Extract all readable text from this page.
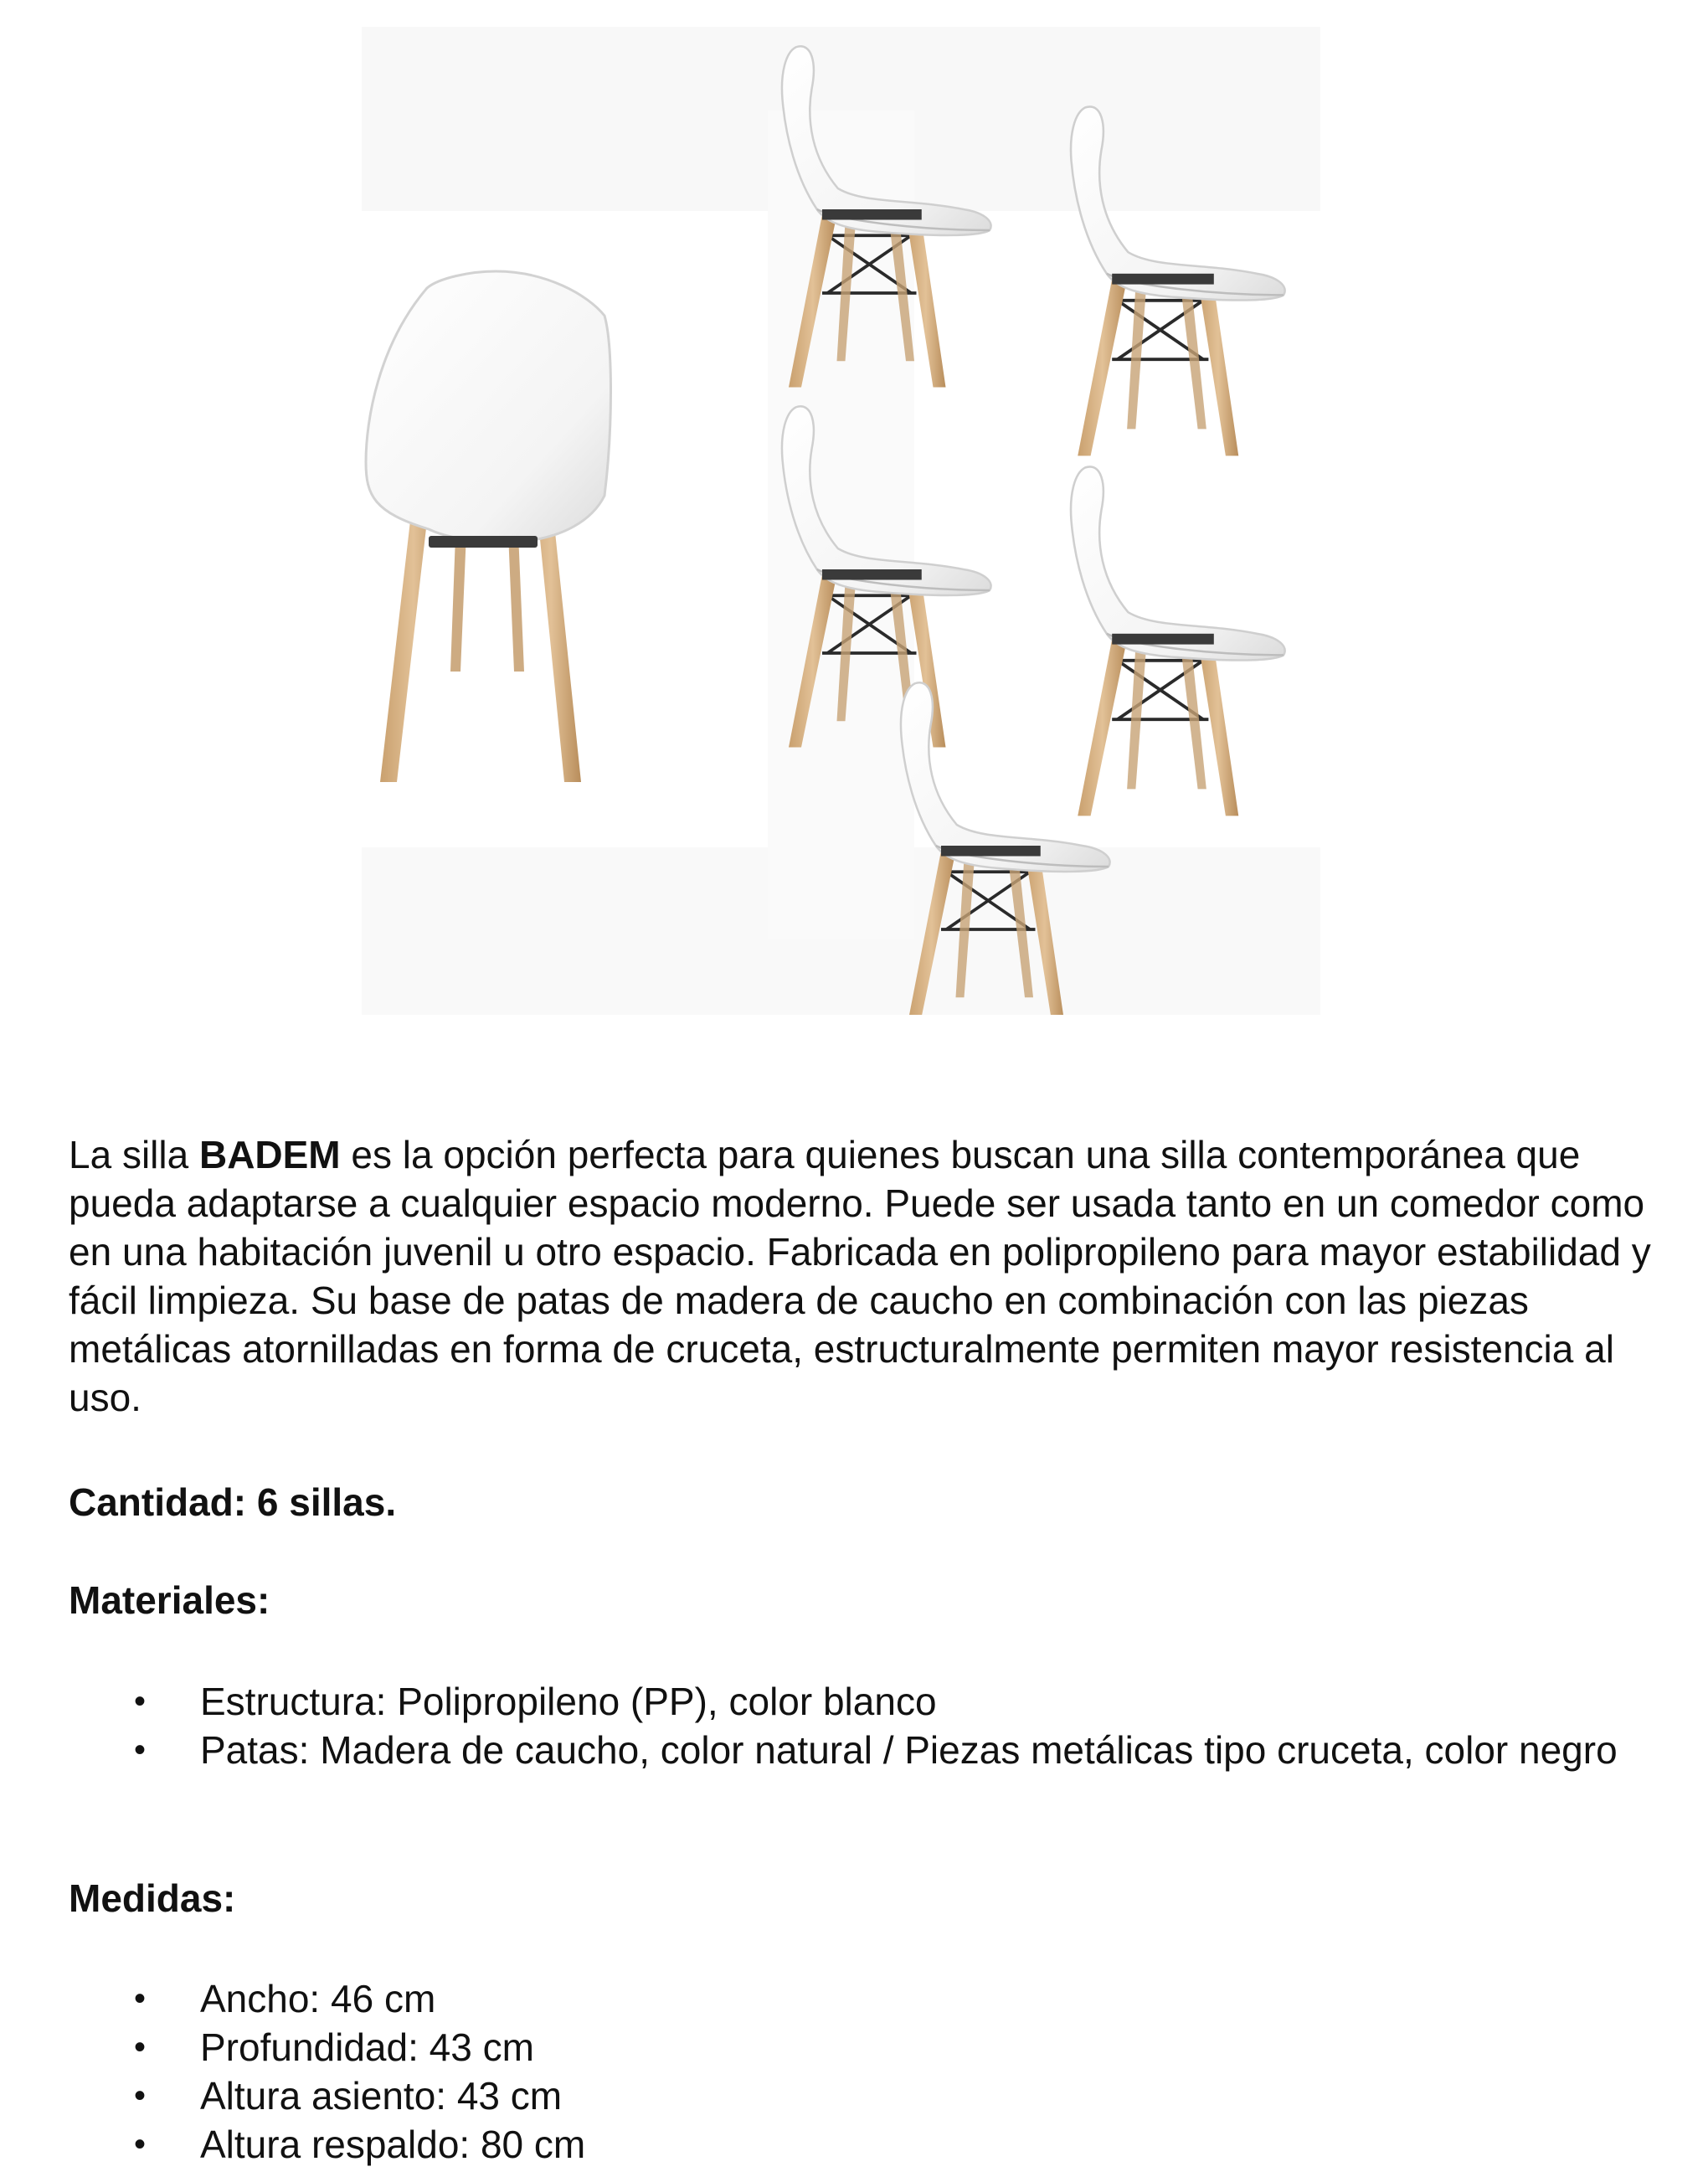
La silla BADEM es la opción perfecta para quienes buscan una silla contemporánea que pueda adaptarse a cualquier espacio moderno. Puede ser usada tanto en un comedor como en una habitación juvenil u otro espacio. Fabricada en polipropileno para mayor estabilidad y fácil limpieza. Su base de patas de madera de caucho en combinación con las piezas metálicas atornilladas en forma de cruceta, estructuralmente permiten mayor resistencia al uso.
Cantidad: 6 sillas.
Materiales:
• Estructura: Polipropileno (PP), color blanco
• Patas: Madera de caucho, color natural / Piezas metálicas tipo cruceta, color negro
Medidas:
• Ancho: 46 cm
• Profundidad: 43 cm
• Altura asiento: 43 cm
• Altura respaldo: 80 cm
